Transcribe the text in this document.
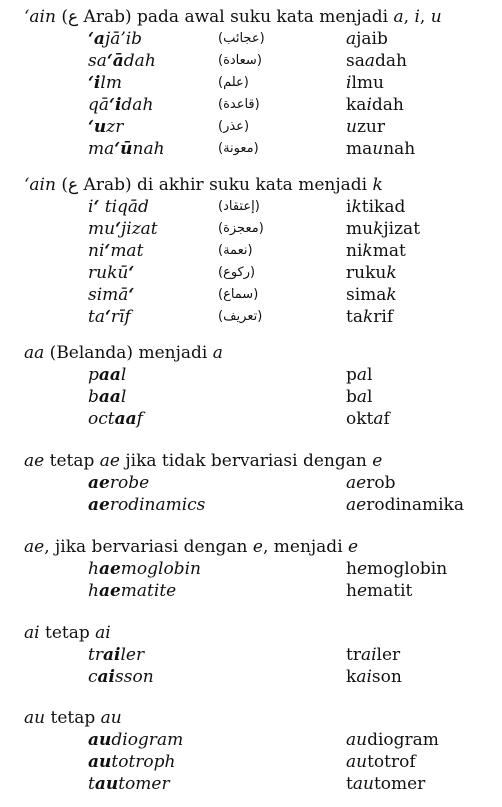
‘ain (ع Arab) pada awal suku kata menjadi a, i, u
ʻajā’ib	(عجائب)	ajaib
saʻādah	(سعادة)	saadah
ʻilm	(علم)	ilmu
qāʻidah	(قاعدة)	kaidah
ʻuzr	(عذر)	uzur
maʻūnah	(معونة)	maunah
‘ain (ع Arab) di akhir suku kata menjadi k
iʻ tiqād	(إعتقاد)	iktikad
muʻjizat	(معجزة)	mukjizat
niʻmat	(نعمة)	nikmat
rukūʻ	(ركوع)	rukuk
simāʻ	(سماع)	simak
taʻrīf	(تعريف)	takrif
aa (Belanda) menjadi a
paal	pal
baal	bal
octaaf	oktaf
ae tetap ae jika tidak bervariasi dengan e
aerobe	aerob
aerodinamics	aerodinamika
ae, jika bervariasi dengan e, menjadi e
haemoglobin	hemoglobin
haematite	hematit
ai tetap ai
trailer	trailer
caisson	kaison
au tetap au
audiogram	audiogram
autotroph	autotrof
tautomer	tautomer
